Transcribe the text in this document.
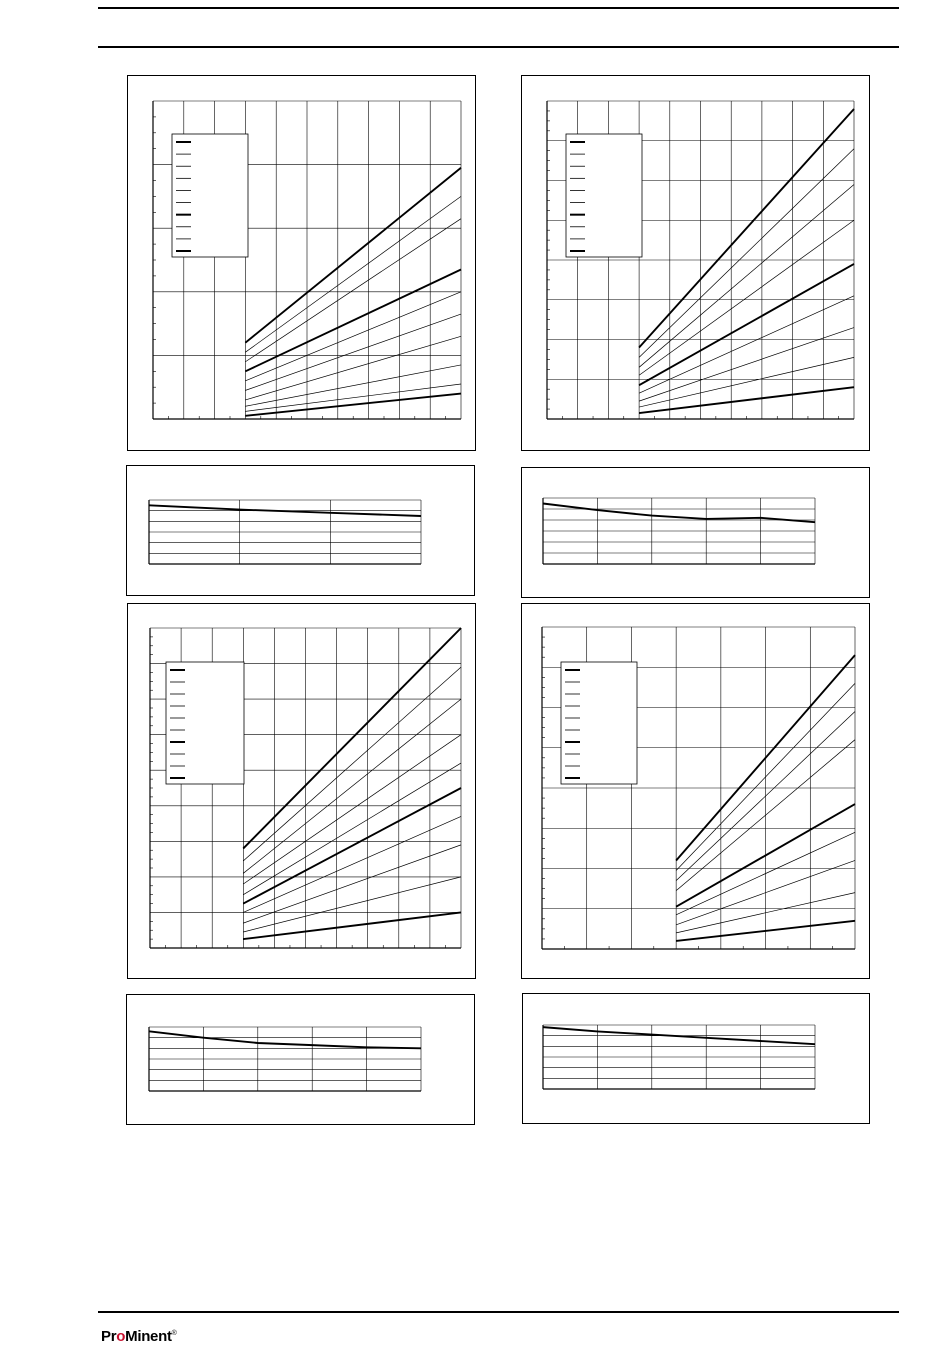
ProMinent®
